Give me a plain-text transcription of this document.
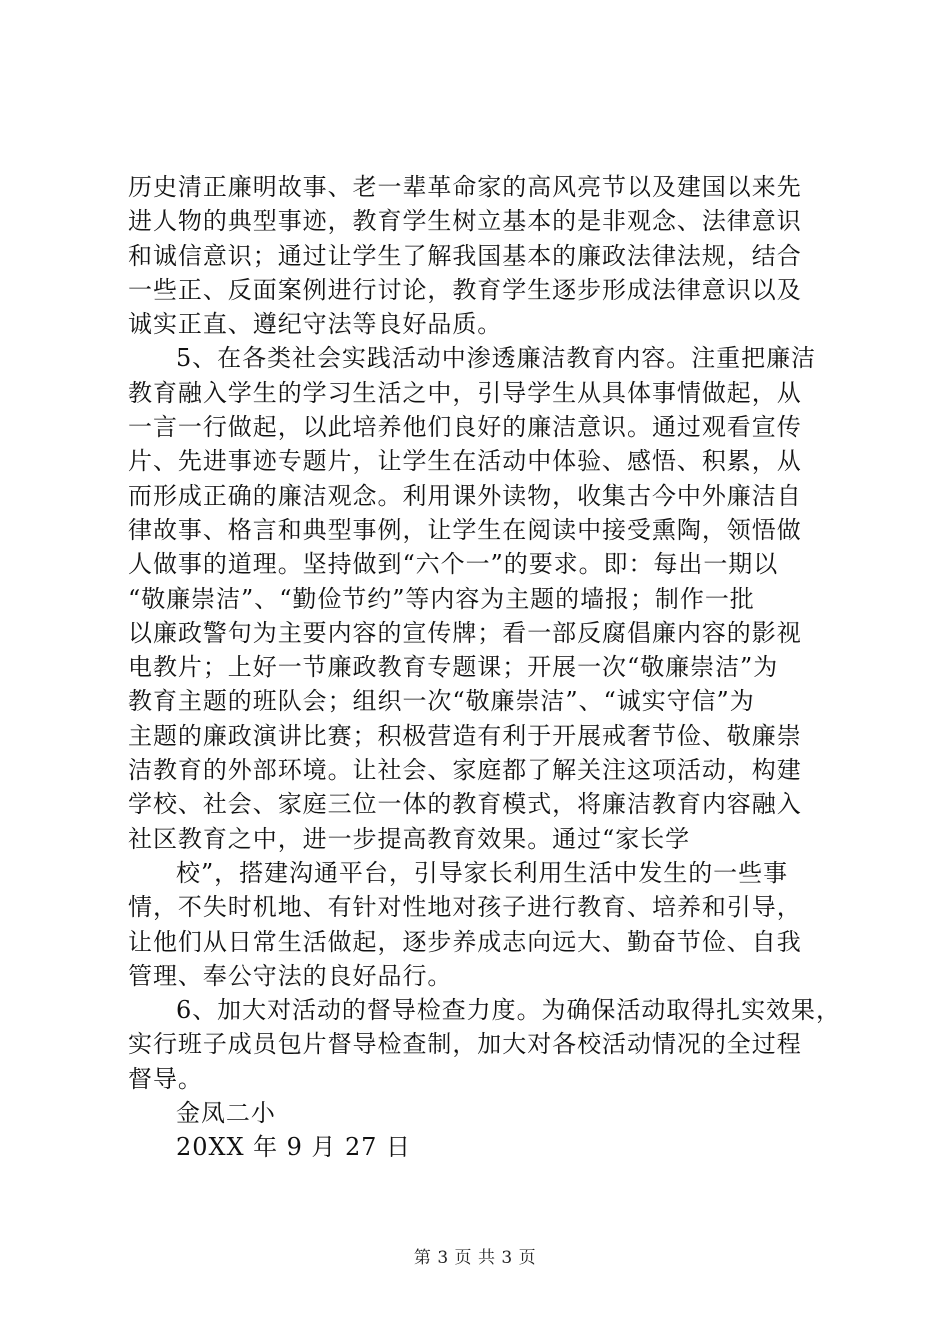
历史清正廉明故事、老一辈革命家的高风亮节以及建国以来先
进人物的典型事迹，教育学生树立基本的是非观念、法律意识
和诚信意识；通过让学生了解我国基本的廉政法律法规，结合
一些正、反面案例进行讨论，教育学生逐步形成法律意识以及
诚实正直、遵纪守法等良好品质。
5、在各类社会实践活动中渗透廉洁教育内容。注重把廉洁
教育融入学生的学习生活之中，引导学生从具体事情做起，从
一言一行做起，以此培养他们良好的廉洁意识。通过观看宣传
片、先进事迹专题片，让学生在活动中体验、感悟、积累，从
而形成正确的廉洁观念。利用课外读物，收集古今中外廉洁自
律故事、格言和典型事例，让学生在阅读中接受熏陶，领悟做
人做事的道理。坚持做到“六个一”的要求。即：每出一期以
“敬廉崇洁”、“勤俭节约”等内容为主题的墙报；制作一批
以廉政警句为主要内容的宣传牌；看一部反腐倡廉内容的影视
电教片；上好一节廉政教育专题课；开展一次“敬廉崇洁”为
教育主题的班队会；组织一次“敬廉崇洁”、“诚实守信”为
主题的廉政演讲比赛；积极营造有利于开展戒奢节俭、敬廉崇
洁教育的外部环境。让社会、家庭都了解关注这项活动，构建
学校、社会、家庭三位一体的教育模式，将廉洁教育内容融入
社区教育之中，进一步提高教育效果。通过“家长学
校”，搭建沟通平台，引导家长利用生活中发生的一些事
情，不失时机地、有针对性地对孩子进行教育、培养和引导，
让他们从日常生活做起，逐步养成志向远大、勤奋节俭、自我
管理、奉公守法的良好品行。
6、加大对活动的督导检查力度。为确保活动取得扎实效果，
实行班子成员包片督导检查制，加大对各校活动情况的全过程
督导。
金凤二小
20XX 年 9 月 27 日
第 3 页 共 3 页
